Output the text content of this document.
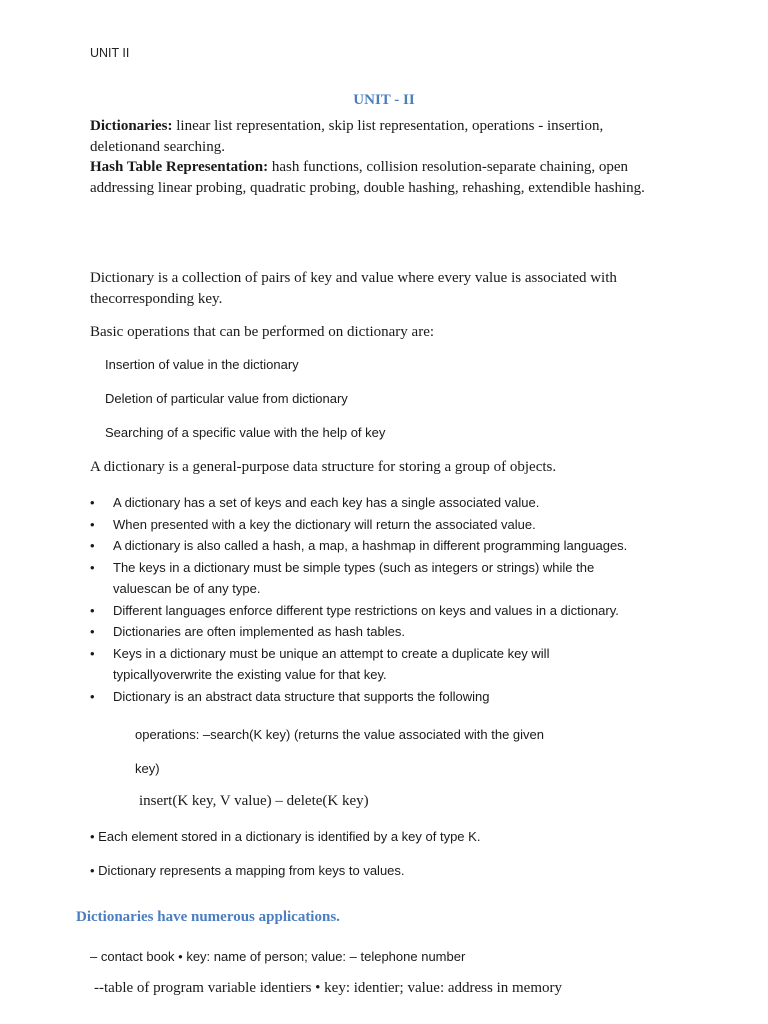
UNIT II
UNIT - II
Dictionaries: linear list representation, skip list representation, operations - insertion, deletionand searching.
Hash Table Representation: hash functions, collision resolution-separate chaining, open addressing linear probing, quadratic probing, double hashing, rehashing, extendible hashing.
Dictionary is a collection of pairs of key and value where every value is associated with thecorresponding key.
Basic operations that can be performed on dictionary are:
Insertion of value in the dictionary
Deletion of particular value from dictionary
Searching of a specific value with the help of key
A dictionary is a general-purpose data structure for storing a group of objects.
• A dictionary has a set of keys and each key has a single associated value.
• When presented with a key the dictionary will return the associated value.
• A dictionary is also called a hash, a map, a hashmap in different programming languages.
• The keys in a dictionary must be simple types (such as integers or strings) while the valuescan be of any type.
• Different languages enforce different type restrictions on keys and values in a dictionary.
• Dictionaries are often implemented as hash tables.
• Keys in a dictionary must be unique an attempt to create a duplicate key will typicallyoverwrite the existing value for that key.
• Dictionary is an abstract data structure that supports the following
operations: –search(K key) (returns the value associated with the given
key)
insert(K key, V value) – delete(K key)
• Each element stored in a dictionary is identified by a key of type K.
• Dictionary represents a mapping from keys to values.
Dictionaries have numerous applications.
– contact book • key: name of person; value: – telephone number
--table of program variable identiers • key: identier; value: address in memory
